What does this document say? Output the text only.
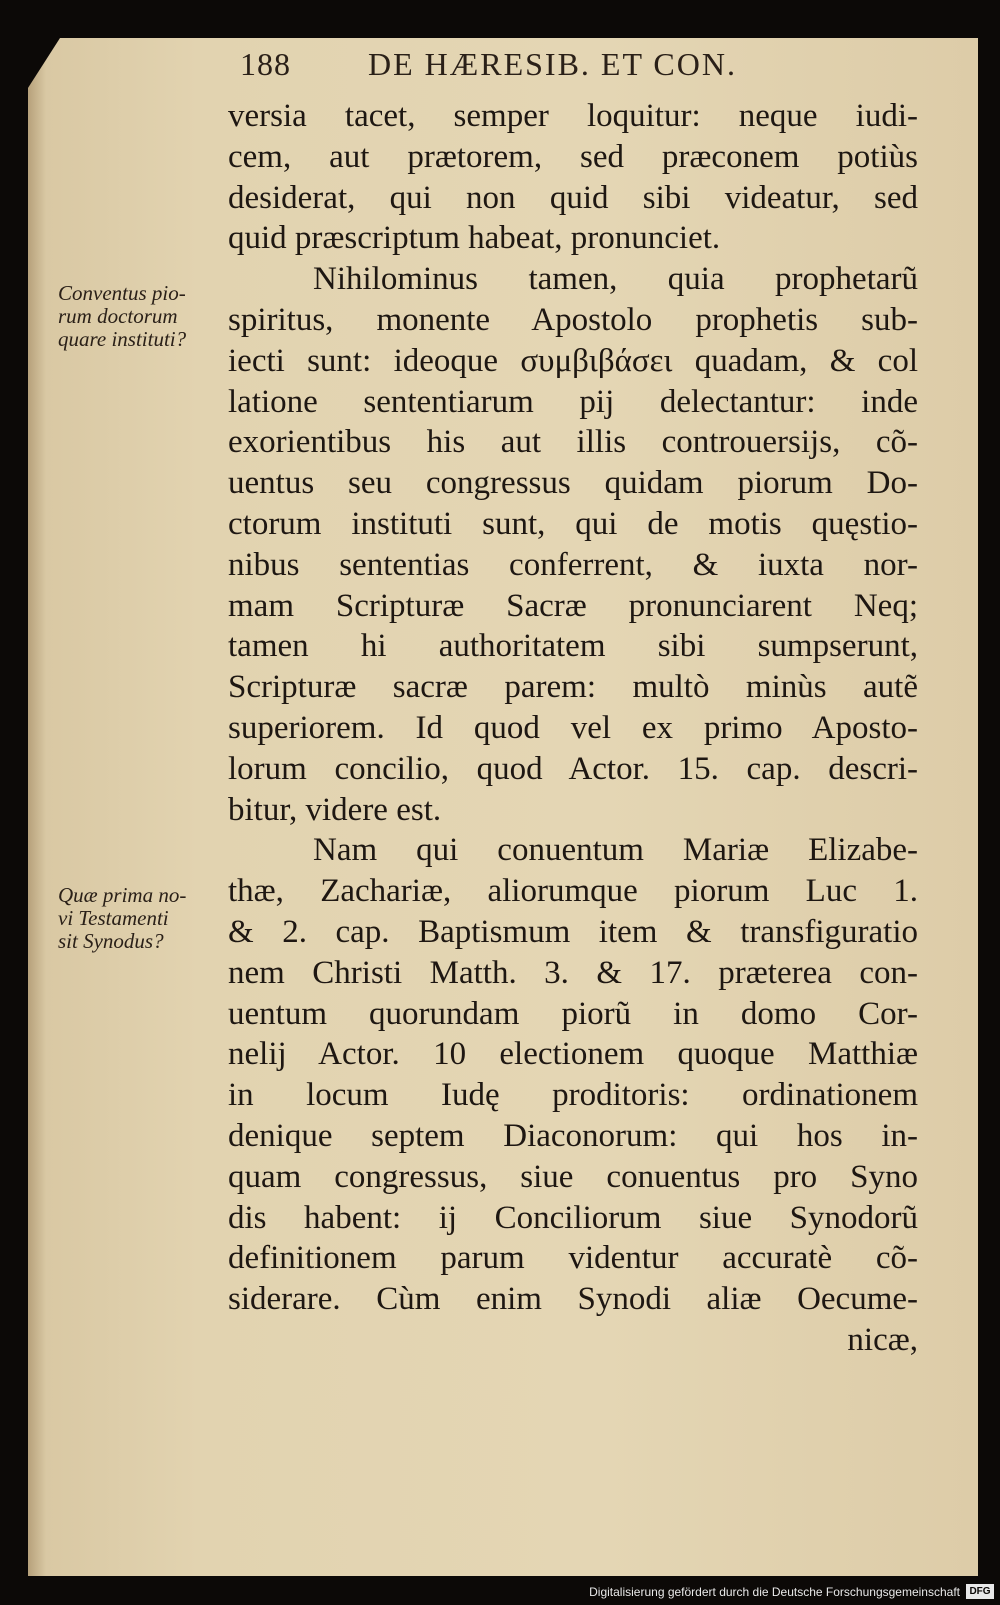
188 DE HÆRESIB. ET CON.
Conventus pio-
rum doctorum
quare instituti?
Quæ prima no-
vi Testamenti
sit Synodus?
versia tacet, semper loquitur: neque iudi-
cem, aut prætorem, sed præconem potiùs
desiderat, qui non quid sibi videatur, sed
quid præscriptum habeat, pronunciet.
Nihilominus tamen, quia prophetarũ
spiritus, monente Apostolo prophetis sub-
iecti sunt: ideoque συμβιβάσει quadam, & col
latione sententiarum pij delectantur: inde
exorientibus his aut illis controuersijs, cõ-
uentus seu congressus quidam piorum Do-
ctorum instituti sunt, qui de motis quęstio-
nibus sententias conferrent, & iuxta nor-
mam Scripturæ Sacræ pronunciarent Neq;
tamen hi authoritatem sibi sumpserunt,
Scripturæ sacræ parem: multò minùs autẽ
superiorem. Id quod vel ex primo Aposto-
lorum concilio, quod Actor. 15. cap. descri-
bitur, videre est.
Nam qui conuentum Mariæ Elizabe-
thæ, Zachariæ, aliorumque piorum Luc 1.
& 2. cap. Baptismum item & transfiguratio
nem Christi Matth. 3. & 17. præterea con-
uentum quorundam piorũ in domo Cor-
nelij Actor. 10 electionem quoque Matthiæ
in locum Iudę proditoris: ordinationem
denique septem Diaconorum: qui hos in-
quam congressus, siue conuentus pro Syno
dis habent: ij Conciliorum siue Synodorũ
definitionem parum videntur accuratè cõ-
siderare. Cùm enim Synodi aliæ Oecume-
nicæ,
Digitalisierung gefördert durch die Deutsche Forschungsgemeinschaft DFG
